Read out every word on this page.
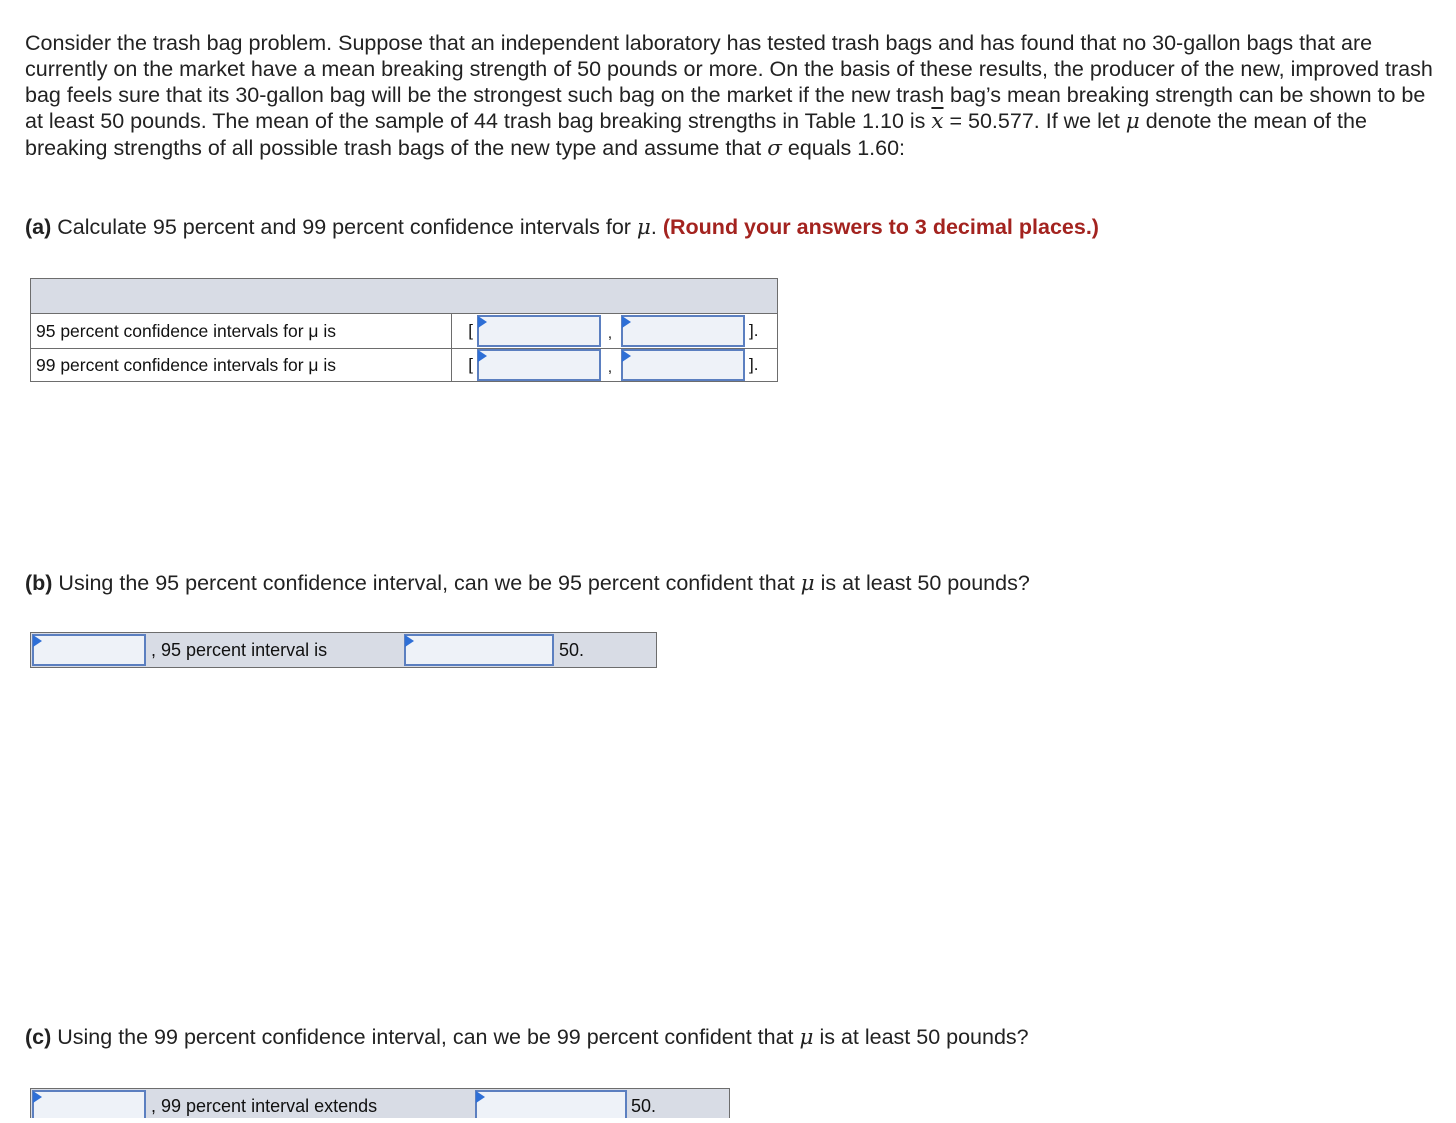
Consider the trash bag problem. Suppose that an independent laboratory has tested trash bags and has found that no 30-gallon bags that are currently on the market have a mean breaking strength of 50 pounds or more. On the basis of these results, the producer of the new, improved trash bag feels sure that its 30-gallon bag will be the strongest such bag on the market if the new trash bag’s mean breaking strength can be shown to be at least 50 pounds. The mean of the sample of 44 trash bag breaking strengths in Table 1.10 is $\overline{x} = 50.577$. If we let μ denote the mean of the breaking strengths of all possible trash bags of the new type and assume that σ equals 1.60:

(a) Calculate 95 percent and 99 percent confidence intervals for μ. (Round your answers to 3 decimal places.)
95 percent confidence intervals for μ is	[	,	].
99 percent confidence intervals for μ is	[	,	].
(b) Using the 95 percent confidence interval, can we be 95 percent confident that μ is at least 50 pounds?
, 95 percent interval is	50.
(c) Using the 99 percent confidence interval, can we be 99 percent confident that μ is at least 50 pounds?
, 99 percent interval extends	50.
